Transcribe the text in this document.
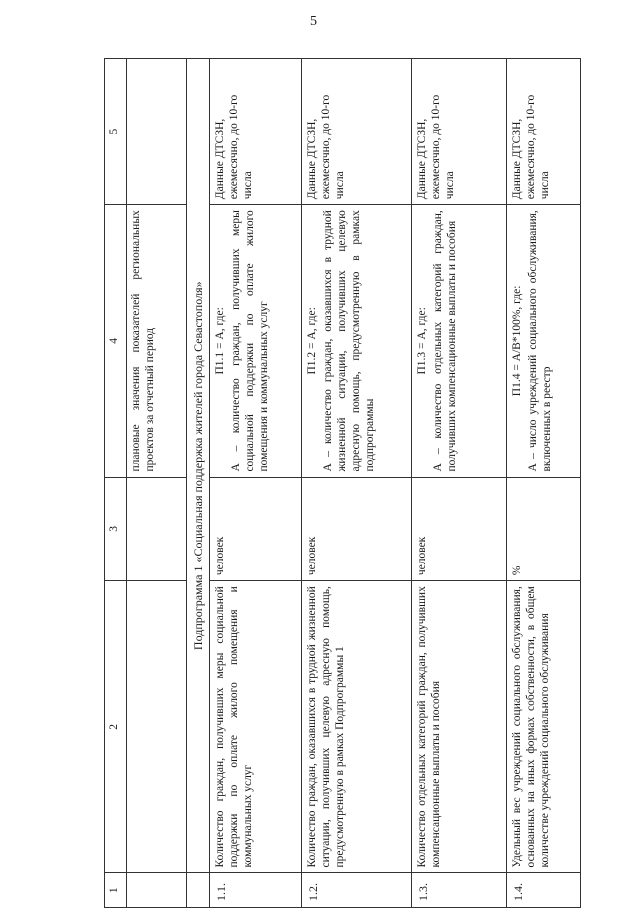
5
1	2	3	4	5
			плановые значения показателей региональных проектов за отчетный период	
	Подпрограмма 1 «Социальная поддержка жителей города Севастополя»			
1.1.	Количество граждан, получивших меры социальной поддержки по оплате жилого помещения и коммунальных услуг	человек	П1.1 = A, где: A – количество граждан, получивших меры социальной поддержки по оплате жилого помещения и коммунальных услуг	Данные ДТСЗН, ежемесячно, до 10-го числа
1.2.	Количество граждан, оказавшихся в трудной жизненной ситуации, получивших целевую адресную помощь, предусмотренную в рамках Подпрограммы 1	человек	П1.2 = A, где: A – количество граждан, оказавшихся в трудной жизненной ситуации, получивших целевую адресную помощь, предусмотренную в рамках подпрограммы	Данные ДТСЗН, ежемесячно, до 10-го числа
1.3.	Количество отдельных категорий граждан, получивших компенсационные выплаты и пособия	человек	П1.3 = A, где: A – количество отдельных категорий граждан, получивших компенсационные выплаты и пособия	Данные ДТСЗН, ежемесячно, до 10-го числа
1.4.	Удельный вес учреждений социального обслуживания, основанных на иных формах собственности, в общем количестве учреждений социального обслуживания	%	П1.4 = A/B*100%, где: A – число учреждений социального обслуживания, включенных в реестр	Данные ДТСЗН, ежемесячно, до 10-го числа
